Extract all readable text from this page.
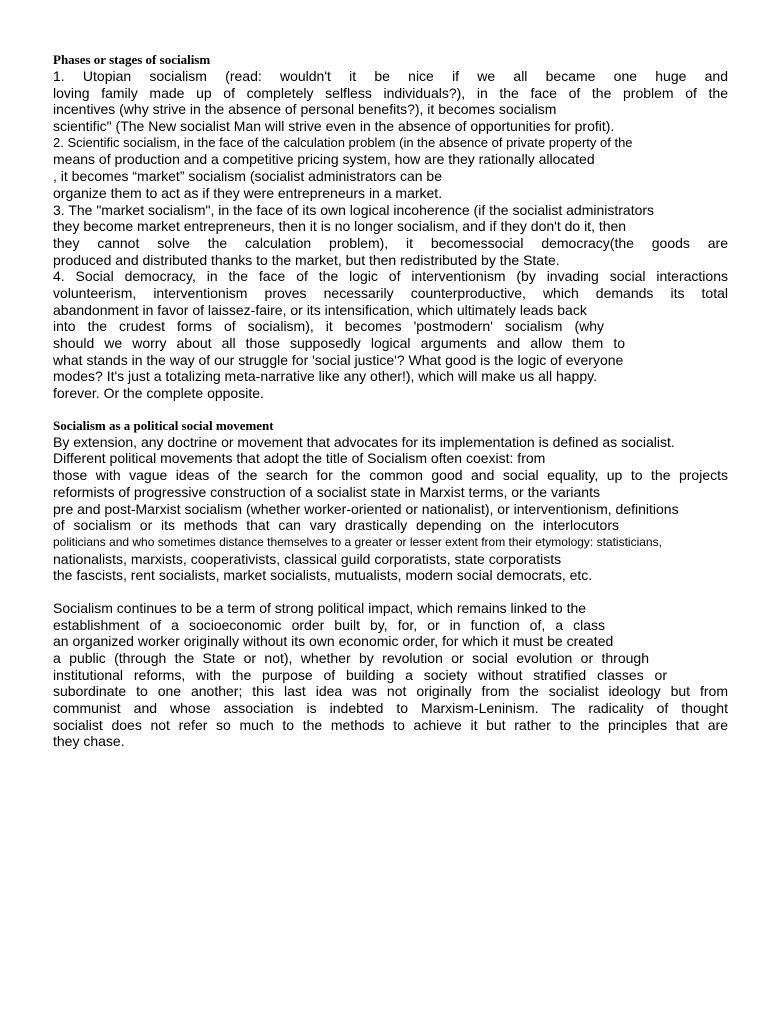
Phases or stages of socialism
1. Utopian socialism (read: wouldn't it be nice if we all became one huge and
loving family made up of completely selfless individuals?), in the face of the problem of the
incentives (why strive in the absence of personal benefits?), it becomes socialism
scientific" (The New socialist Man will strive even in the absence of opportunities for profit).
2. Scientific socialism, in the face of the calculation problem (in the absence of private property of the
means of production and a competitive pricing system, how are they rationally allocated
, it becomes “market” socialism (socialist administrators can be
organize them to act as if they were entrepreneurs in a market.
3. The "market socialism", in the face of its own logical incoherence (if the socialist administrators
they become market entrepreneurs, then it is no longer socialism, and if they don't do it, then
they cannot solve the calculation problem), it becomessocial democracy(the goods are
produced and distributed thanks to the market, but then redistributed by the State.
4. Social democracy, in the face of the logic of interventionism (by invading social interactions
volunteerism, interventionism proves necessarily counterproductive, which demands its total
abandonment in favor of laissez-faire, or its intensification, which ultimately leads back
into the crudest forms of socialism), it becomes 'postmodern' socialism (why
should we worry about all those supposedly logical arguments and allow them to
what stands in the way of our struggle for 'social justice'? What good is the logic of everyone
modes? It's just a totalizing meta-narrative like any other!), which will make us all happy.
forever. Or the complete opposite.
Socialism as a political social movement
By extension, any doctrine or movement that advocates for its implementation is defined as socialist.
Different political movements that adopt the title of Socialism often coexist: from
those with vague ideas of the search for the common good and social equality, up to the projects
reformists of progressive construction of a socialist state in Marxist terms, or the variants
pre and post-Marxist socialism (whether worker-oriented or nationalist), or interventionism, definitions
of socialism or its methods that can vary drastically depending on the interlocutors
politicians and who sometimes distance themselves to a greater or lesser extent from their etymology: statisticians,
nationalists, marxists, cooperativists, classical guild corporatists, state corporatists
the fascists, rent socialists, market socialists, mutualists, modern social democrats, etc.
Socialism continues to be a term of strong political impact, which remains linked to the
establishment of a socioeconomic order built by, for, or in function of, a class
an organized worker originally without its own economic order, for which it must be created
a public (through the State or not), whether by revolution or social evolution or through
institutional reforms, with the purpose of building a society without stratified classes or
subordinate to one another; this last idea was not originally from the socialist ideology but from
communist and whose association is indebted to Marxism-Leninism. The radicality of thought
socialist does not refer so much to the methods to achieve it but rather to the principles that are
they chase.
